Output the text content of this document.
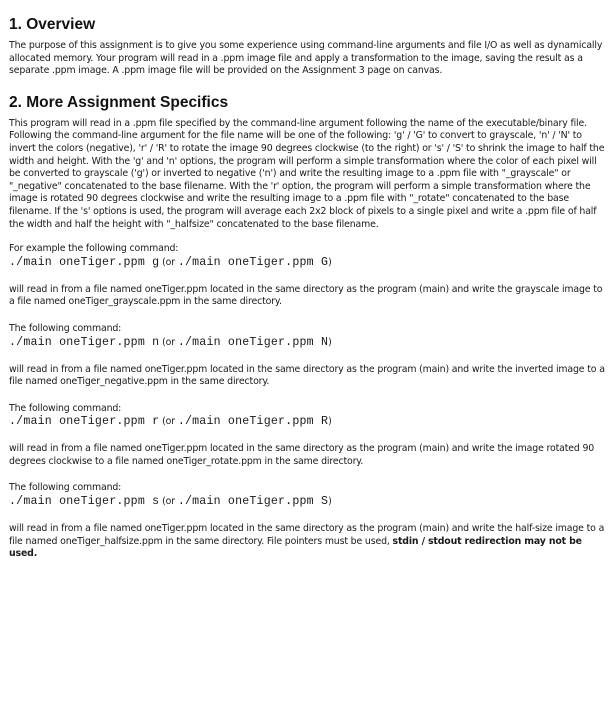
1. Overview

The purpose of this assignment is to give you some experience using command-line arguments and file I/O as well as dynamically allocated memory. Your program will read in a .ppm image file and apply a transformation to the image, saving the result as a separate .ppm image. A .ppm image file will be provided on the Assignment 3 page on canvas.

2. More Assignment Specifics

This program will read in a .ppm file specified by the command-line argument following the name of the executable/binary file. Following the command-line argument for the file name will be one of the following: 'g' / 'G' to convert to grayscale, 'n' / 'N' to invert the colors (negative), 'r' / 'R' to rotate the image 90 degrees clockwise (to the right) or 's' / 'S' to shrink the image to half the width and height. With the 'g' and 'n' options, the program will perform a simple transformation where the color of each pixel will be converted to grayscale ('g') or inverted to negative ('n') and write the resulting image to a .ppm file with "_grayscale" or "_negative" concatenated to the base filename. With the 'r' option, the program will perform a simple transformation where the image is rotated 90 degrees clockwise and write the resulting image to a .ppm file with "_rotate" concatenated to the base filename. If the 's' options is used, the program will average each 2x2 block of pixels to a single pixel and write a .ppm file of half the width and half the height with "_halfsize" concatenated to the base filename.

For example the following command:

./main oneTiger.ppm g (or ./main oneTiger.ppm G)

will read in from a file named oneTiger.ppm located in the same directory as the program (main) and write the grayscale image to a file named oneTiger_grayscale.ppm in the same directory.

The following command:

./main oneTiger.ppm n (or ./main oneTiger.ppm N)

will read in from a file named oneTiger.ppm located in the same directory as the program (main) and write the inverted image to a file named oneTiger_negative.ppm in the same directory.

The following command:

./main oneTiger.ppm r (or ./main oneTiger.ppm R)

will read in from a file named oneTiger.ppm located in the same directory as the program (main) and write the image rotated 90 degrees clockwise to a file named oneTiger_rotate.ppm in the same directory.

The following command:

./main oneTiger.ppm s (or ./main oneTiger.ppm S)

will read in from a file named oneTiger.ppm located in the same directory as the program (main) and write the half-size image to a file named oneTiger_halfsize.ppm in the same directory. File pointers must be used, stdin / stdout redirection may not be used.
